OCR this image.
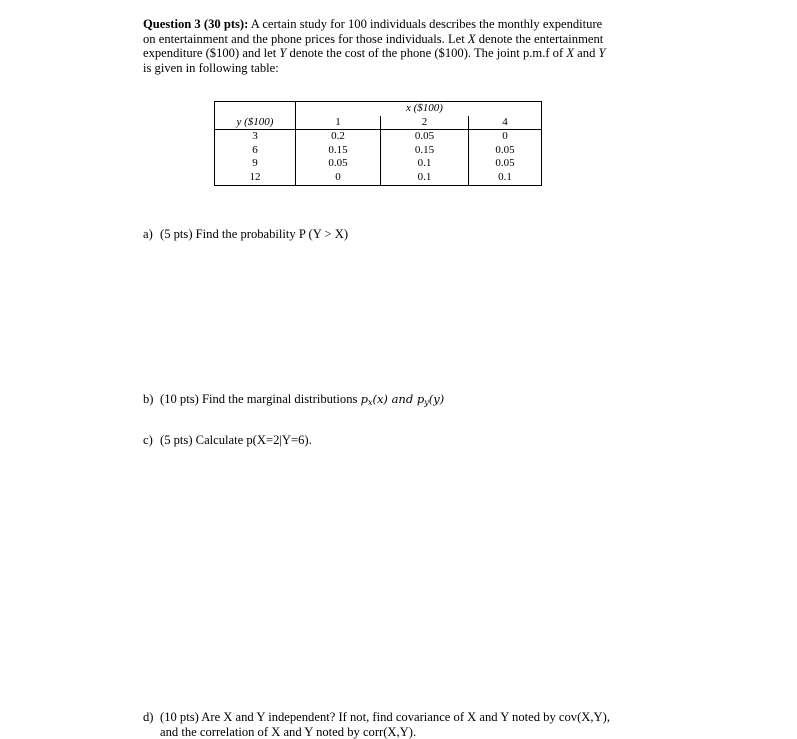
Question 3 (30 pts): A certain study for 100 individuals describes the monthly expenditure on entertainment and the phone prices for those individuals. Let X denote the entertainment expenditure ($100) and let Y denote the cost of the phone ($100). The joint p.m.f of X and Y is given in following table:

		x ($100)	
y ($100)	1	2	4
3	0.2	0.05	0
6	0.15	0.15	0.05
9	0.05	0.1	0.05
12	0	0.1	0.1

a) (5 pts) Find the probability P (Y > X)

b) (10 pts) Find the marginal distributions $p_x(x)$ and $p_y(y)$

c) (5 pts) Calculate p(X=2|Y=6).

d) (10 pts) Are X and Y independent? If not, find covariance of X and Y noted by cov(X,Y),
and the correlation of X and Y noted by corr(X,Y).
